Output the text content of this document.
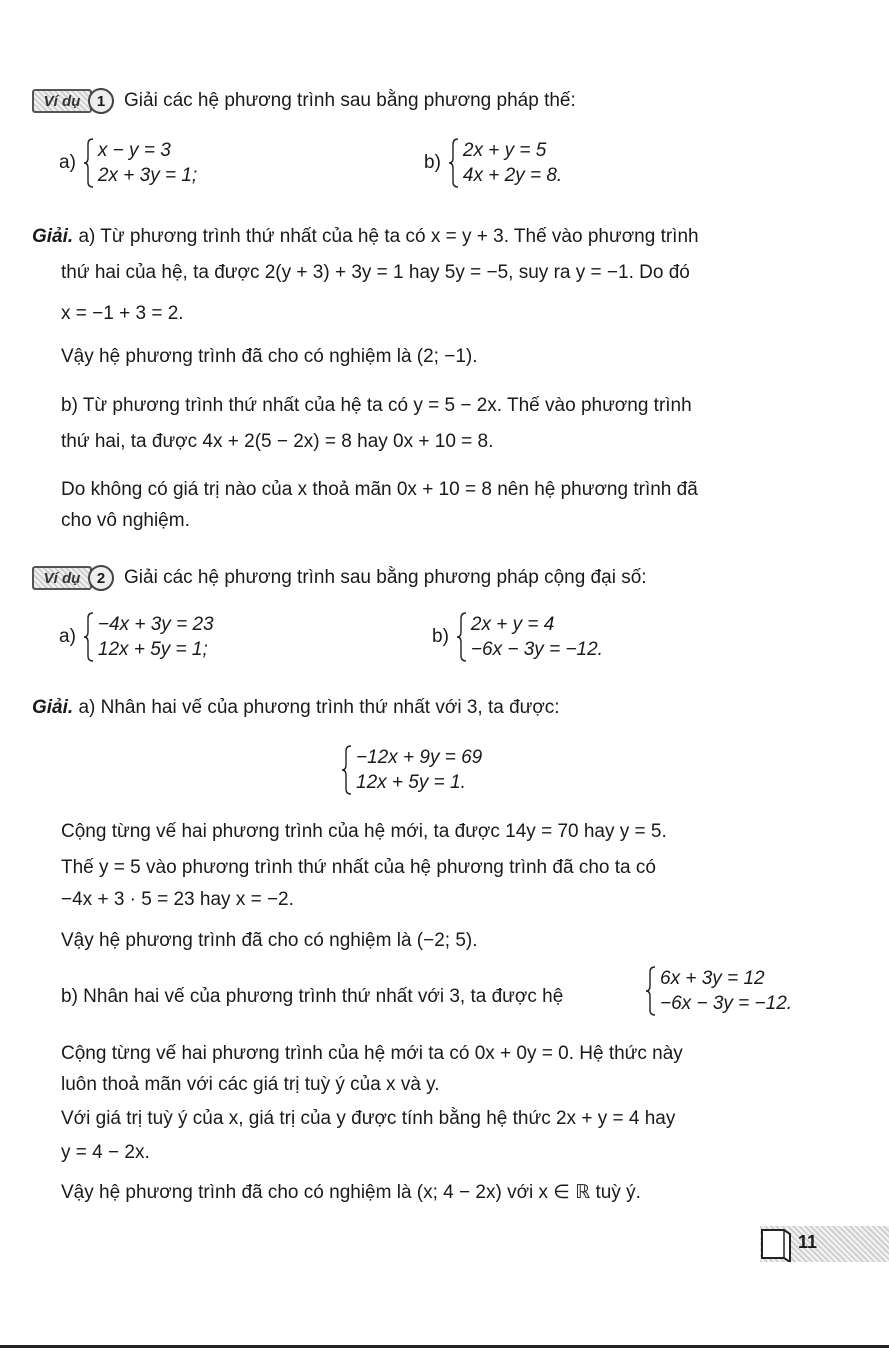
Ví dụ	1 Giải các hệ phương trình sau bằng phương pháp thế:
a)
x − y = 3
2x + 3y = 1;
b)
2x + y = 5
4x + 2y = 8.
Giải. a) Từ phương trình thứ nhất của hệ ta có x = y + 3. Thế vào phương trình
thứ hai của hệ, ta được 2(y + 3) + 3y = 1 hay 5y = −5, suy ra y = −1. Do đó
x = −1 + 3 = 2.
Vậy hệ phương trình đã cho có nghiệm là (2; −1).
b) Từ phương trình thứ nhất của hệ ta có y = 5 − 2x. Thế vào phương trình
thứ hai, ta được 4x + 2(5 − 2x) = 8 hay 0x + 10 = 8.
Do không có giá trị nào của x thoả mãn 0x + 10 = 8 nên hệ phương trình đã
cho vô nghiệm.
Ví dụ	2 Giải các hệ phương trình sau bằng phương pháp cộng đại số:
a)
−4x + 3y = 23
12x + 5y = 1;
b)
2x + y = 4
−6x − 3y = −12.
Giải. a) Nhân hai vế của phương trình thứ nhất với 3, ta được:
−12x + 9y = 69
12x + 5y = 1.
Cộng từng vế hai phương trình của hệ mới, ta được 14y = 70 hay y = 5.
Thế y = 5 vào phương trình thứ nhất của hệ phương trình đã cho ta có
−4x + 3 · 5 = 23 hay x = −2.
Vậy hệ phương trình đã cho có nghiệm là (−2; 5).
b) Nhân hai vế của phương trình thứ nhất với 3, ta được hệ
6x + 3y = 12
−6x − 3y = −12.
Cộng từng vế hai phương trình của hệ mới ta có 0x + 0y = 0. Hệ thức này
luôn thoả mãn với các giá trị tuỳ ý của x và y.
Với giá trị tuỳ ý của x, giá trị của y được tính bằng hệ thức 2x + y = 4 hay
y = 4 − 2x.
Vậy hệ phương trình đã cho có nghiệm là (x; 4 − 2x) với x ∈ ℝ tuỳ ý.
11
